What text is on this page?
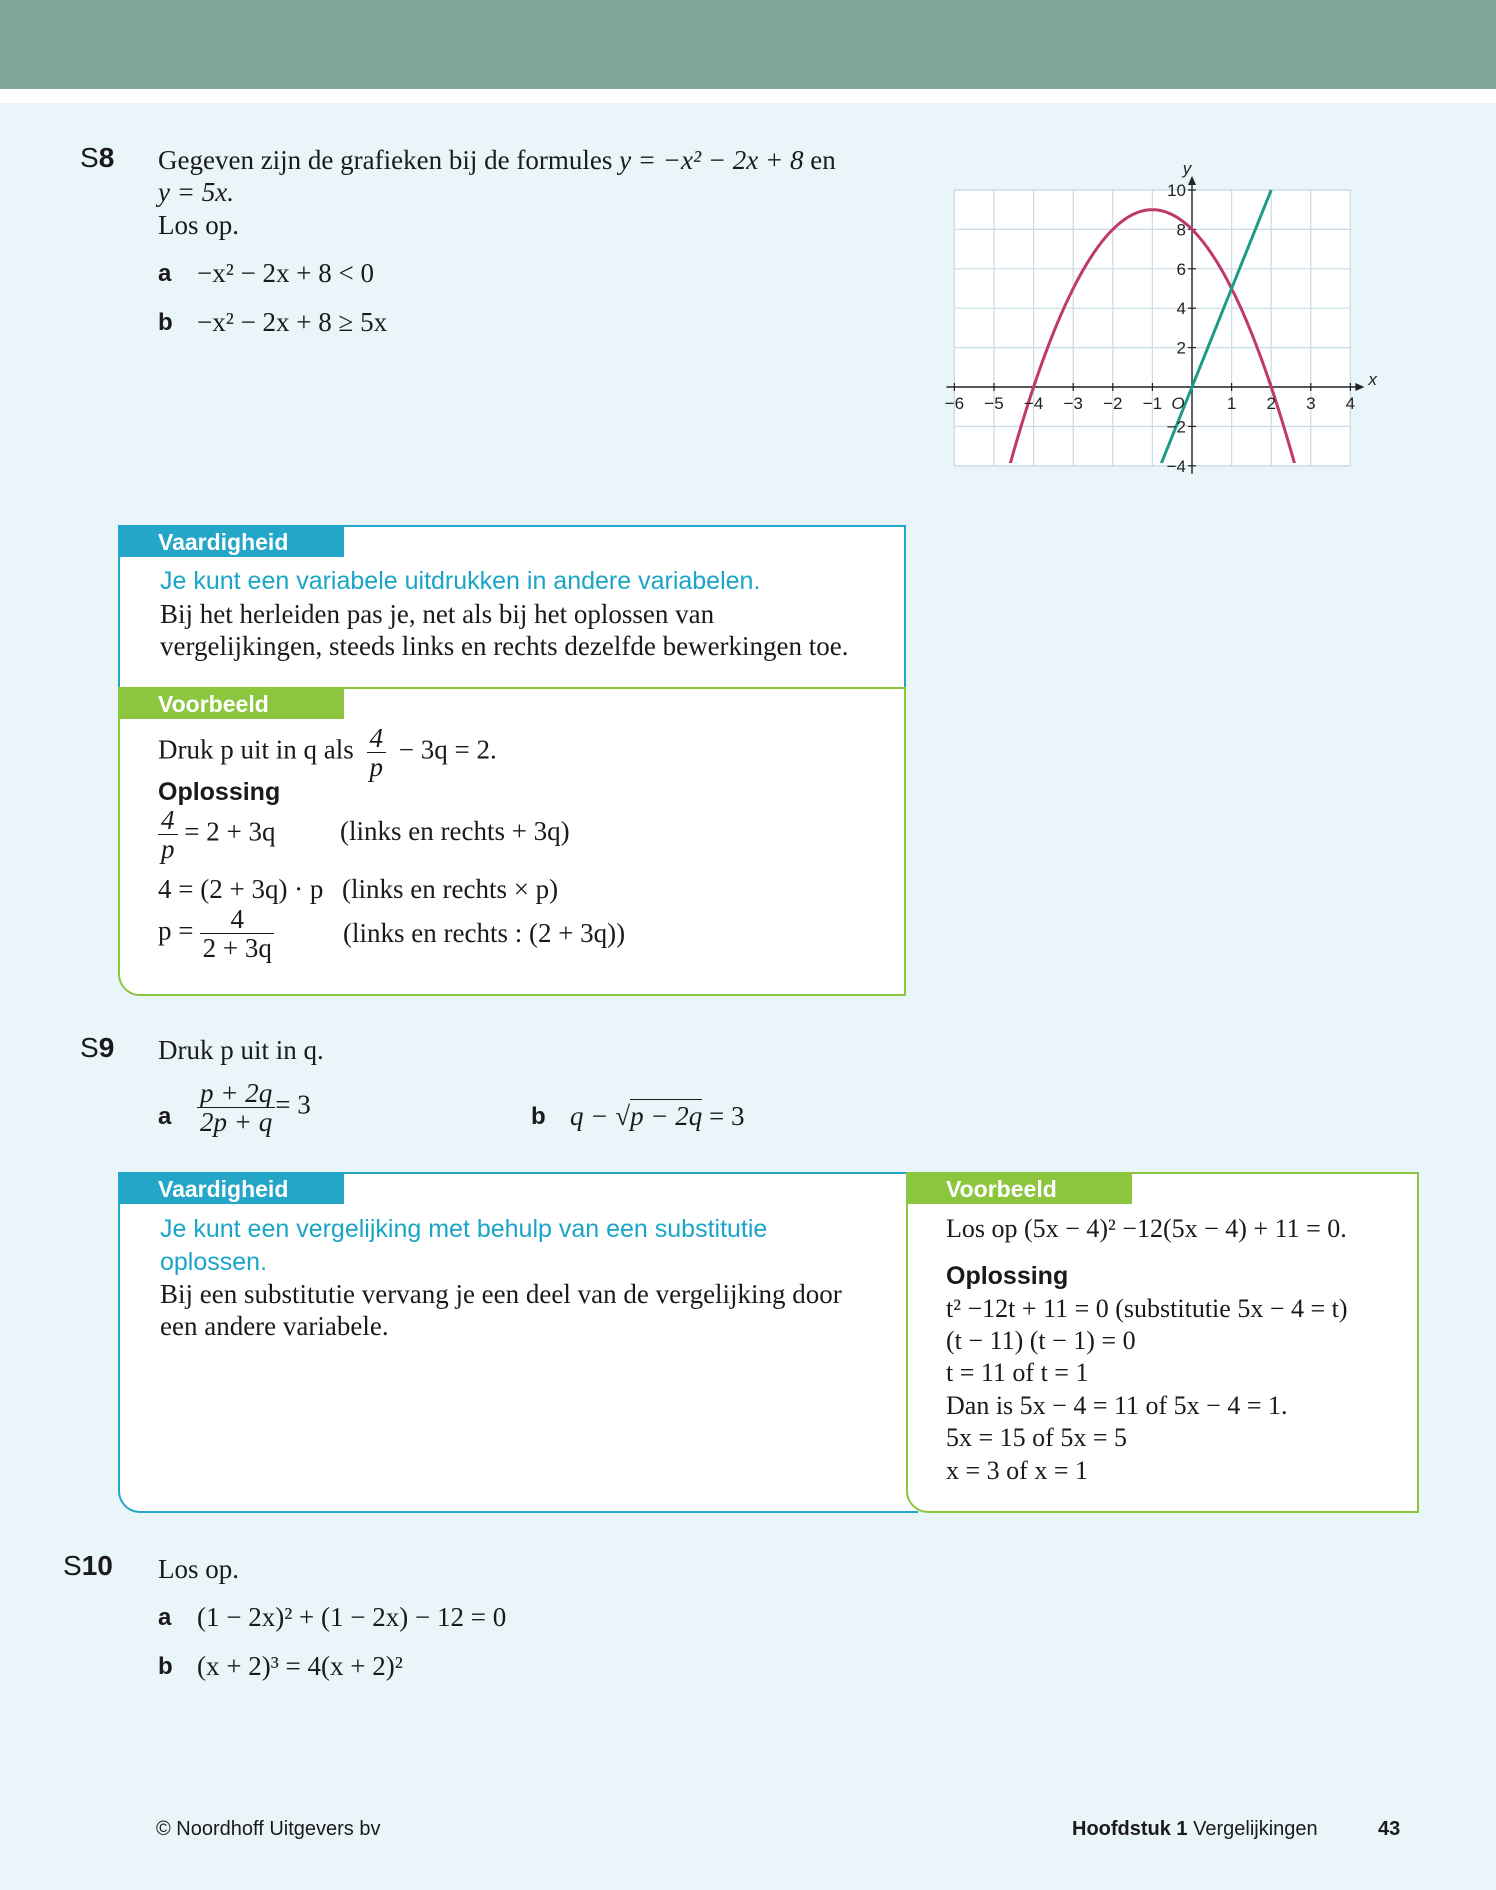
S8 Gegeven zijn de grafieken bij de formules y = −x² − 2x + 8 en
y = 5x.
Los op.
a −x² − 2x + 8 < 0
b −x² − 2x + 8 ≥ 5x
−6 −5 −4 −3 −2 −1 O 1 2 3 4
10
8
6
4
2
−2
−4
x
y
Vaardigheid
Je kunt een variabele uitdrukken in andere variabelen.
Bij het herleiden pas je, net als bij het oplossen van
vergelijkingen, steeds links en rechts dezelfde bewerkingen toe.
Voorbeeld
Druk p uit in q als $\frac{4}{p} - 3q = 2$.
Oplossing
$\frac{4}{p} = 2 + 3q$ (links en rechts + 3q)
4 = (2 + 3q) · p (links en rechts × p)
$p = \frac{4}{2 + 3q}$	(links en rechts : (2 + 3q))
S9 Druk p uit in q.
a $\frac{p + 2q}{2p + q} = 3$	b q − √p − 2q = 3
Vaardigheid
Je kunt een vergelijking met behulp van een substitutie
oplossen.
Bij een substitutie vervang je een deel van de vergelijking door
een andere variabele.
Voorbeeld
Los op (5x − 4)² −12(5x − 4) + 11 = 0.
Oplossing
t² −12t + 11 = 0 (substitutie 5x − 4 = t)
(t − 11) (t − 1) = 0
t = 11 of t = 1
Dan is 5x − 4 = 11 of 5x − 4 = 1.
5x = 15 of 5x = 5
x = 3 of x = 1
S10 Los op.
a (1 − 2x)² + (1 − 2x) − 12 = 0
b (x + 2)³ = 4(x + 2)²
© Noordhoff Uitgevers bv	Hoofdstuk 1 Vergelijkingen	43
